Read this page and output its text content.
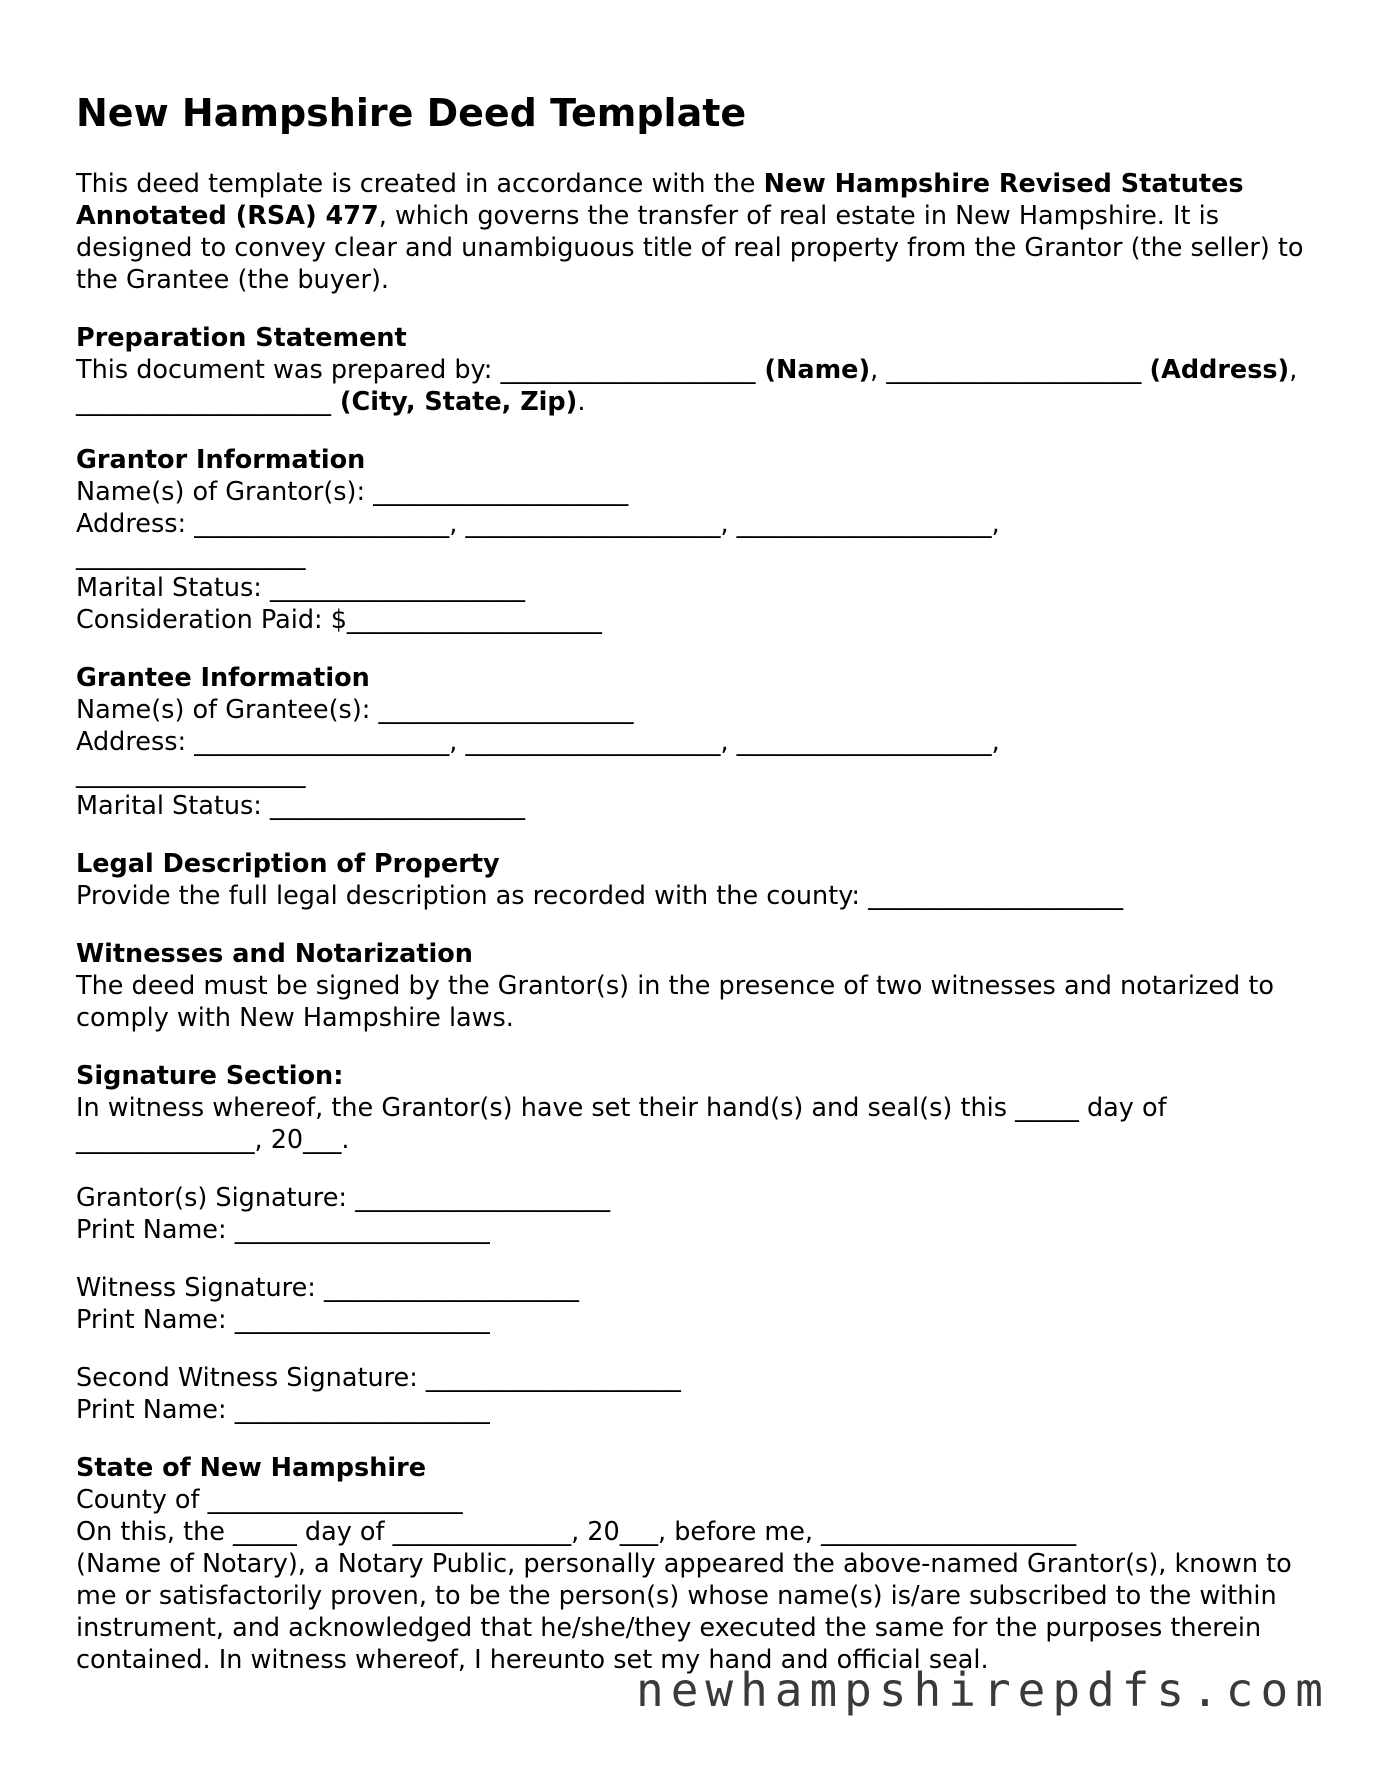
New Hampshire Deed Template

This deed template is created in accordance with the New Hampshire Revised Statutes Annotated (RSA) 477, which governs the transfer of real estate in New Hampshire. It is designed to convey clear and unambiguous title of real property from the Grantor (the seller) to the Grantee (the buyer).

Preparation Statement

This document was prepared by: ____________________ (Name), ____________________ (Address), ____________________ (City, State, Zip).

Grantor Information
Name(s) of Grantor(s): ____________________
Address: ____________________, ____________________, ____________________,
__________________
Marital Status: ____________________
Consideration Paid: $____________________
Grantee Information
Name(s) of Grantee(s): ____________________
Address: ____________________, ____________________, ____________________,
__________________
Marital Status: ____________________
Legal Description of Property
Provide the full legal description as recorded with the county: ____________________
Witnesses and Notarization

The deed must be signed by the Grantor(s) in the presence of two witnesses and notarized to comply with New Hampshire laws.

Signature Section:
In witness whereof, the Grantor(s) have set their hand(s) and seal(s) this _____ day of
______________, 20___.
Grantor(s) Signature: ____________________
Print Name: ____________________
Witness Signature: ____________________
Print Name: ____________________
Second Witness Signature: ____________________
Print Name: ____________________
State of New Hampshire
County of ____________________
On this, the _____ day of ______________, 20___, before me, ____________________

(Name of Notary), a Notary Public, personally appeared the above-named Grantor(s), known to me or satisfactorily proven, to be the person(s) whose name(s) is/are subscribed to the within instrument, and acknowledged that he/she/they executed the same for the purposes therein contained. In witness whereof, I hereunto set my hand and official seal.

newhampshirepdfs.com
